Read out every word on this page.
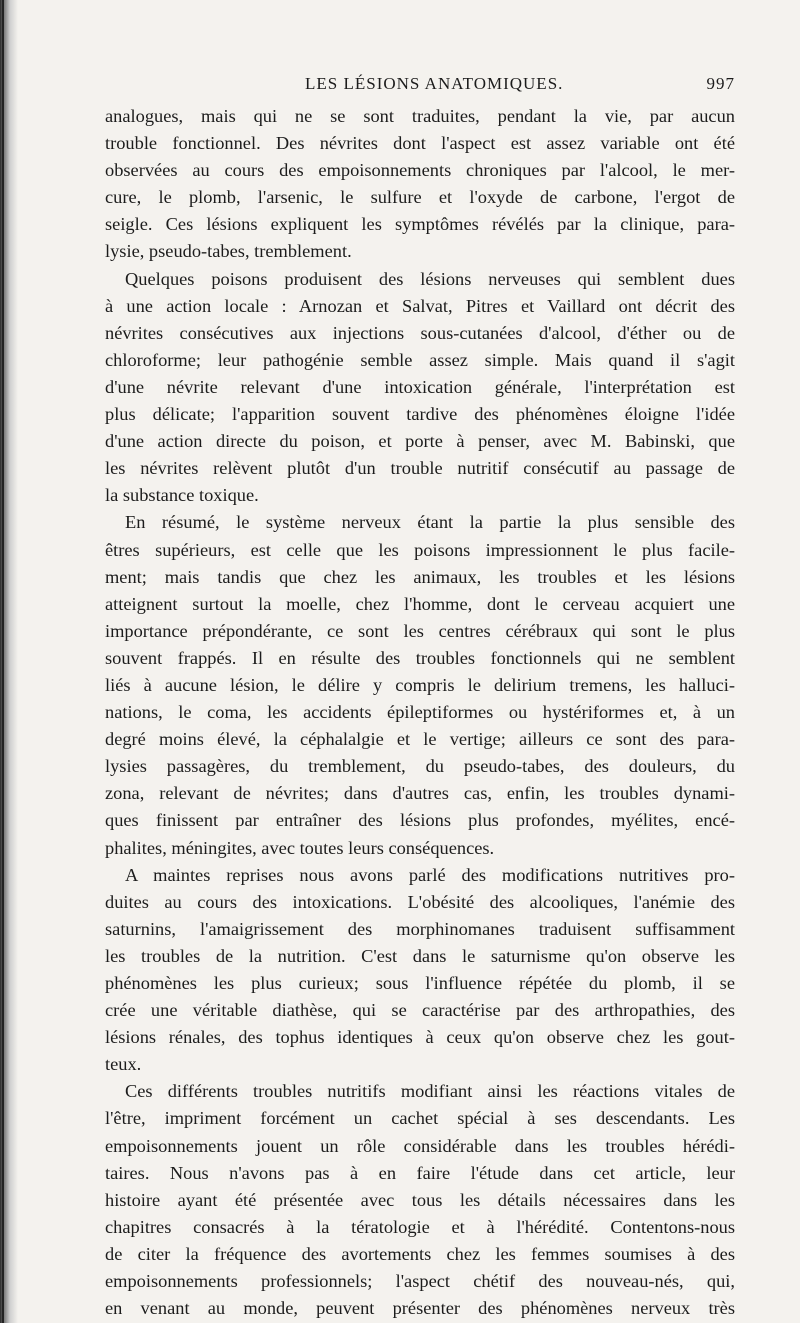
LES LÉSIONS ANATOMIQUES.	997
analogues, mais qui ne se sont traduites, pendant la vie, par aucun
trouble fonctionnel. Des névrites dont l'aspect est assez variable ont été
observées au cours des empoisonnements chroniques par l'alcool, le mer-
cure, le plomb, l'arsenic, le sulfure et l'oxyde de carbone, l'ergot de
seigle. Ces lésions expliquent les symptômes révélés par la clinique, para-
lysie, pseudo-tabes, tremblement.
Quelques poisons produisent des lésions nerveuses qui semblent dues
à une action locale : Arnozan et Salvat, Pitres et Vaillard ont décrit des
névrites consécutives aux injections sous-cutanées d'alcool, d'éther ou de
chloroforme; leur pathogénie semble assez simple. Mais quand il s'agit
d'une névrite relevant d'une intoxication générale, l'interprétation est
plus délicate; l'apparition souvent tardive des phénomènes éloigne l'idée
d'une action directe du poison, et porte à penser, avec M. Babinski, que
les névrites relèvent plutôt d'un trouble nutritif consécutif au passage de
la substance toxique.
En résumé, le système nerveux étant la partie la plus sensible des
êtres supérieurs, est celle que les poisons impressionnent le plus facile-
ment; mais tandis que chez les animaux, les troubles et les lésions
atteignent surtout la moelle, chez l'homme, dont le cerveau acquiert une
importance prépondérante, ce sont les centres cérébraux qui sont le plus
souvent frappés. Il en résulte des troubles fonctionnels qui ne semblent
liés à aucune lésion, le délire y compris le delirium tremens, les halluci-
nations, le coma, les accidents épileptiformes ou hystériformes et, à un
degré moins élevé, la céphalalgie et le vertige; ailleurs ce sont des para-
lysies passagères, du tremblement, du pseudo-tabes, des douleurs, du
zona, relevant de névrites; dans d'autres cas, enfin, les troubles dynami-
ques finissent par entraîner des lésions plus profondes, myélites, encé-
phalites, méningites, avec toutes leurs conséquences.
A maintes reprises nous avons parlé des modifications nutritives pro-
duites au cours des intoxications. L'obésité des alcooliques, l'anémie des
saturnins, l'amaigrissement des morphinomanes traduisent suffisamment
les troubles de la nutrition. C'est dans le saturnisme qu'on observe les
phénomènes les plus curieux; sous l'influence répétée du plomb, il se
crée une véritable diathèse, qui se caractérise par des arthropathies, des
lésions rénales, des tophus identiques à ceux qu'on observe chez les gout-
teux.
Ces différents troubles nutritifs modifiant ainsi les réactions vitales de
l'être, impriment forcément un cachet spécial à ses descendants. Les
empoisonnements jouent un rôle considérable dans les troubles hérédi-
taires. Nous n'avons pas à en faire l'étude dans cet article, leur
histoire ayant été présentée avec tous les détails nécessaires dans les
chapitres consacrés à la tératologie et à l'hérédité. Contentons-nous
de citer la fréquence des avortements chez les femmes soumises à des
empoisonnements professionnels; l'aspect chétif des nouveau-nés, qui,
en venant au monde, peuvent présenter des phénomènes nerveux très
